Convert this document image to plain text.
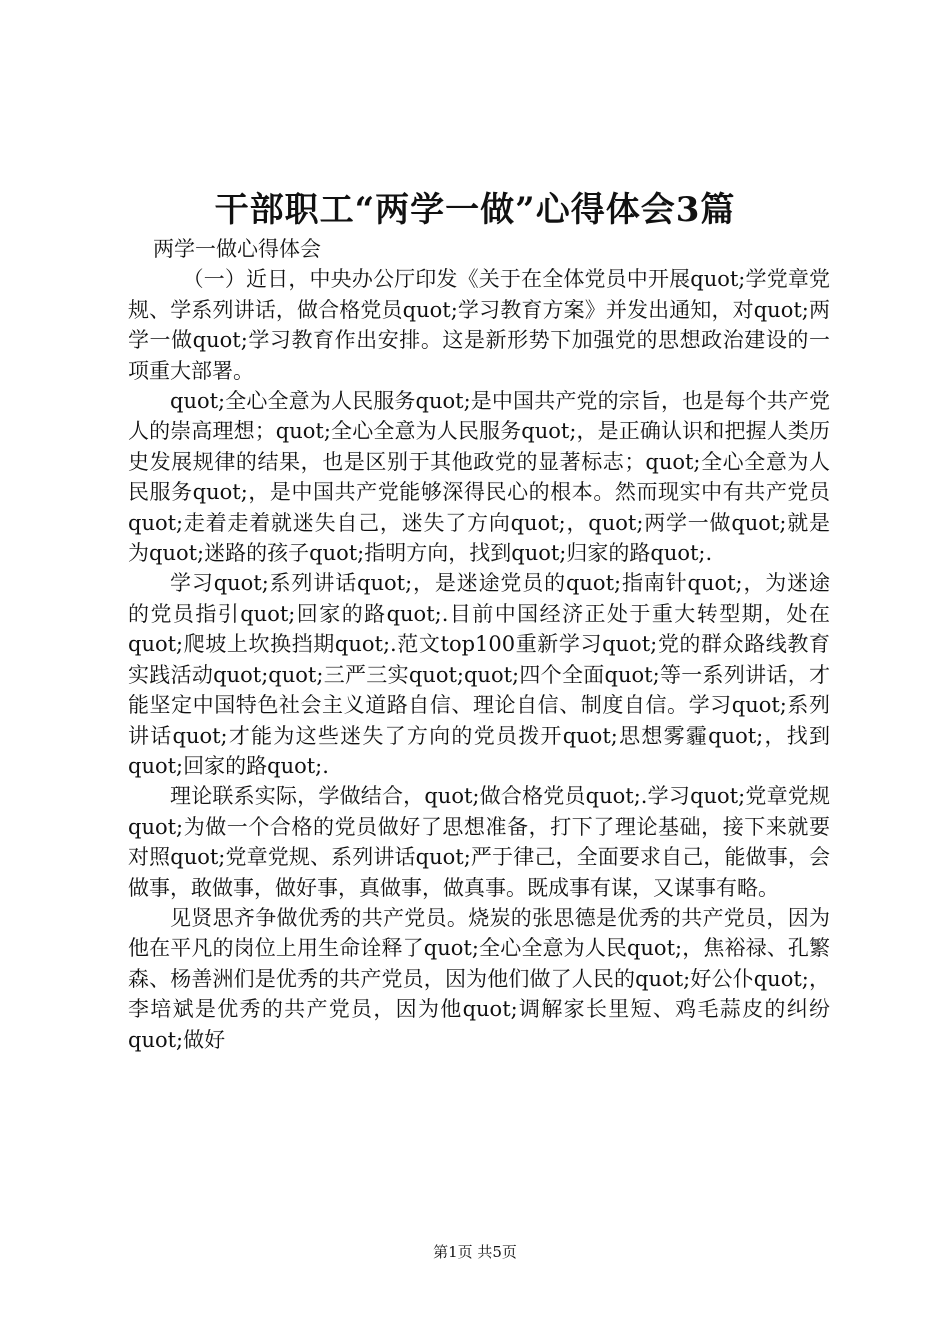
干部职工“两学一做”心得体会3篇

两学一做心得体会

（一）近日，中央办公厅印发《关于在全体党员中开展quot;学党章党规、学系列讲话，做合格党员quot;学习教育方案》并发出通知，对quot;两学一做quot;学习教育作出安排。这是新形势下加强党的思想政治建设的一项重大部署。

quot;全心全意为人民服务quot;是中国共产党的宗旨，也是每个共产党人的崇高理想；quot;全心全意为人民服务quot;，是正确认识和把握人类历史发展规律的结果，也是区别于其他政党的显著标志；quot;全心全意为人民服务quot;，是中国共产党能够深得民心的根本。然而现实中有共产党员quot;走着走着就迷失自己，迷失了方向quot;，quot;两学一做quot;就是为quot;迷路的孩子quot;指明方向，找到quot;归家的路quot;.

学习quot;系列讲话quot;，是迷途党员的quot;指南针quot;，为迷途的党员指引quot;回家的路quot;.目前中国经济正处于重大转型期，处在quot;爬坡上坎换挡期quot;.范文top100重新学习quot;党的群众路线教育实践活动quot;quot;三严三实quot;quot;四个全面quot;等一系列讲话，才能坚定中国特色社会主义道路自信、理论自信、制度自信。学习quot;系列讲话quot;才能为这些迷失了方向的党员拨开quot;思想雾霾quot;，找到quot;回家的路quot;.

理论联系实际，学做结合，quot;做合格党员quot;.学习quot;党章党规quot;为做一个合格的党员做好了思想准备，打下了理论基础，接下来就要对照quot;党章党规、系列讲话quot;严于律己，全面要求自己，能做事，会做事，敢做事，做好事，真做事，做真事。既成事有谋，又谋事有略。

见贤思齐争做优秀的共产党员。烧炭的张思德是优秀的共产党员，因为他在平凡的岗位上用生命诠释了quot;全心全意为人民quot;，焦裕禄、孔繁森、杨善洲们是优秀的共产党员，因为他们做了人民的quot;好公仆quot;，李培斌是优秀的共产党员，因为他quot;调解家长里短、鸡毛蒜皮的纠纷quot;做好

第1页 共5页
